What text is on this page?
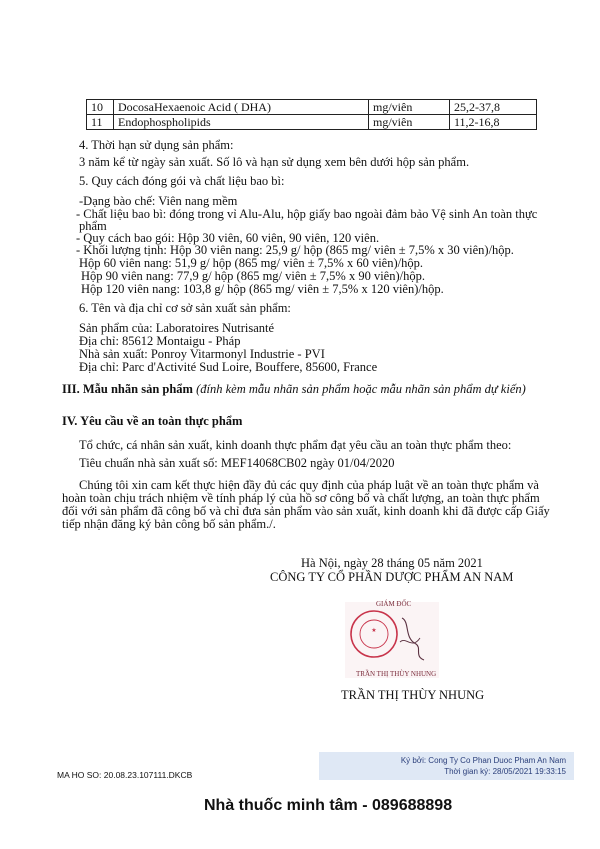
10	DocosaHexaenoic Acid ( DHA)	mg/viên	25,2-37,8
11	Endophospholipids	mg/viên	11,2-16,8
4. Thời hạn sử dụng sản phẩm:
3 năm kể từ ngày sản xuất. Số lô và hạn sử dụng xem bên dưới hộp sản phẩm.
5. Quy cách đóng gói và chất liệu bao bì:
-Dạng bào chế: Viên nang mềm
- Chất liệu bao bì: đóng trong vỉ Alu-Alu, hộp giấy bao ngoài đảm bảo Vệ sinh An toàn thực
phẩm
- Quy cách bao gói: Hộp 30 viên, 60 viên, 90 viên, 120 viên.
- Khối lượng tịnh: Hộp 30 viên nang: 25,9 g/ hộp (865 mg/ viên ± 7,5% x 30 viên)/hộp.
Hộp 60 viên nang: 51,9 g/ hộp (865 mg/ viên ± 7,5% x 60 viên)/hộp.
Hộp 90 viên nang: 77,9 g/ hộp (865 mg/ viên ± 7,5% x 90 viên)/hộp.
Hộp 120 viên nang: 103,8 g/ hộp (865 mg/ viên ± 7,5% x 120 viên)/hộp.
6. Tên và địa chỉ cơ sở sản xuất sản phẩm:
Sản phẩm của: Laboratoires Nutrisanté
Địa chỉ: 85612 Montaigu - Pháp
Nhà sản xuất: Ponroy Vitarmonyl Industrie - PVI
Địa chỉ: Parc d'Activité Sud Loire, Bouffere, 85600, France
III. Mẫu nhãn sản phẩm (đính kèm mẫu nhãn sản phẩm hoặc mẫu nhãn sản phẩm dự kiến)
IV. Yêu cầu về an toàn thực phẩm
Tổ chức, cá nhân sản xuất, kinh doanh thực phẩm đạt yêu cầu an toàn thực phẩm theo:
Tiêu chuẩn nhà sản xuất số: MEF14068CB02 ngày 01/04/2020
Chúng tôi xin cam kết thực hiện đầy đủ các quy định của pháp luật về an toàn thực phẩm và
hoàn toàn chịu trách nhiệm về tính pháp lý của hồ sơ công bố và chất lượng, an toàn thực phẩm
đối với sản phẩm đã công bố và chỉ đưa sản phẩm vào sản xuất, kinh doanh khi đã được cấp Giấy
tiếp nhận đăng ký bản công bố sản phẩm./.
Hà Nội, ngày 28 tháng 05 năm 2021
CÔNG TY CỔ PHẦN DƯỢC PHẨM AN NAM
★
GIÁM ĐỐC
TRẦN THỊ THÙY NHUNG
TRẦN THỊ THÙY NHUNG
Ký bởi: Cong Ty Co Phan Duoc Pham An Nam
Thời gian ký: 28/05/2021 19:33:15
MA HO SO: 20.08.23.107111.DKCB
Nhà thuốc minh tâm - 089688898
